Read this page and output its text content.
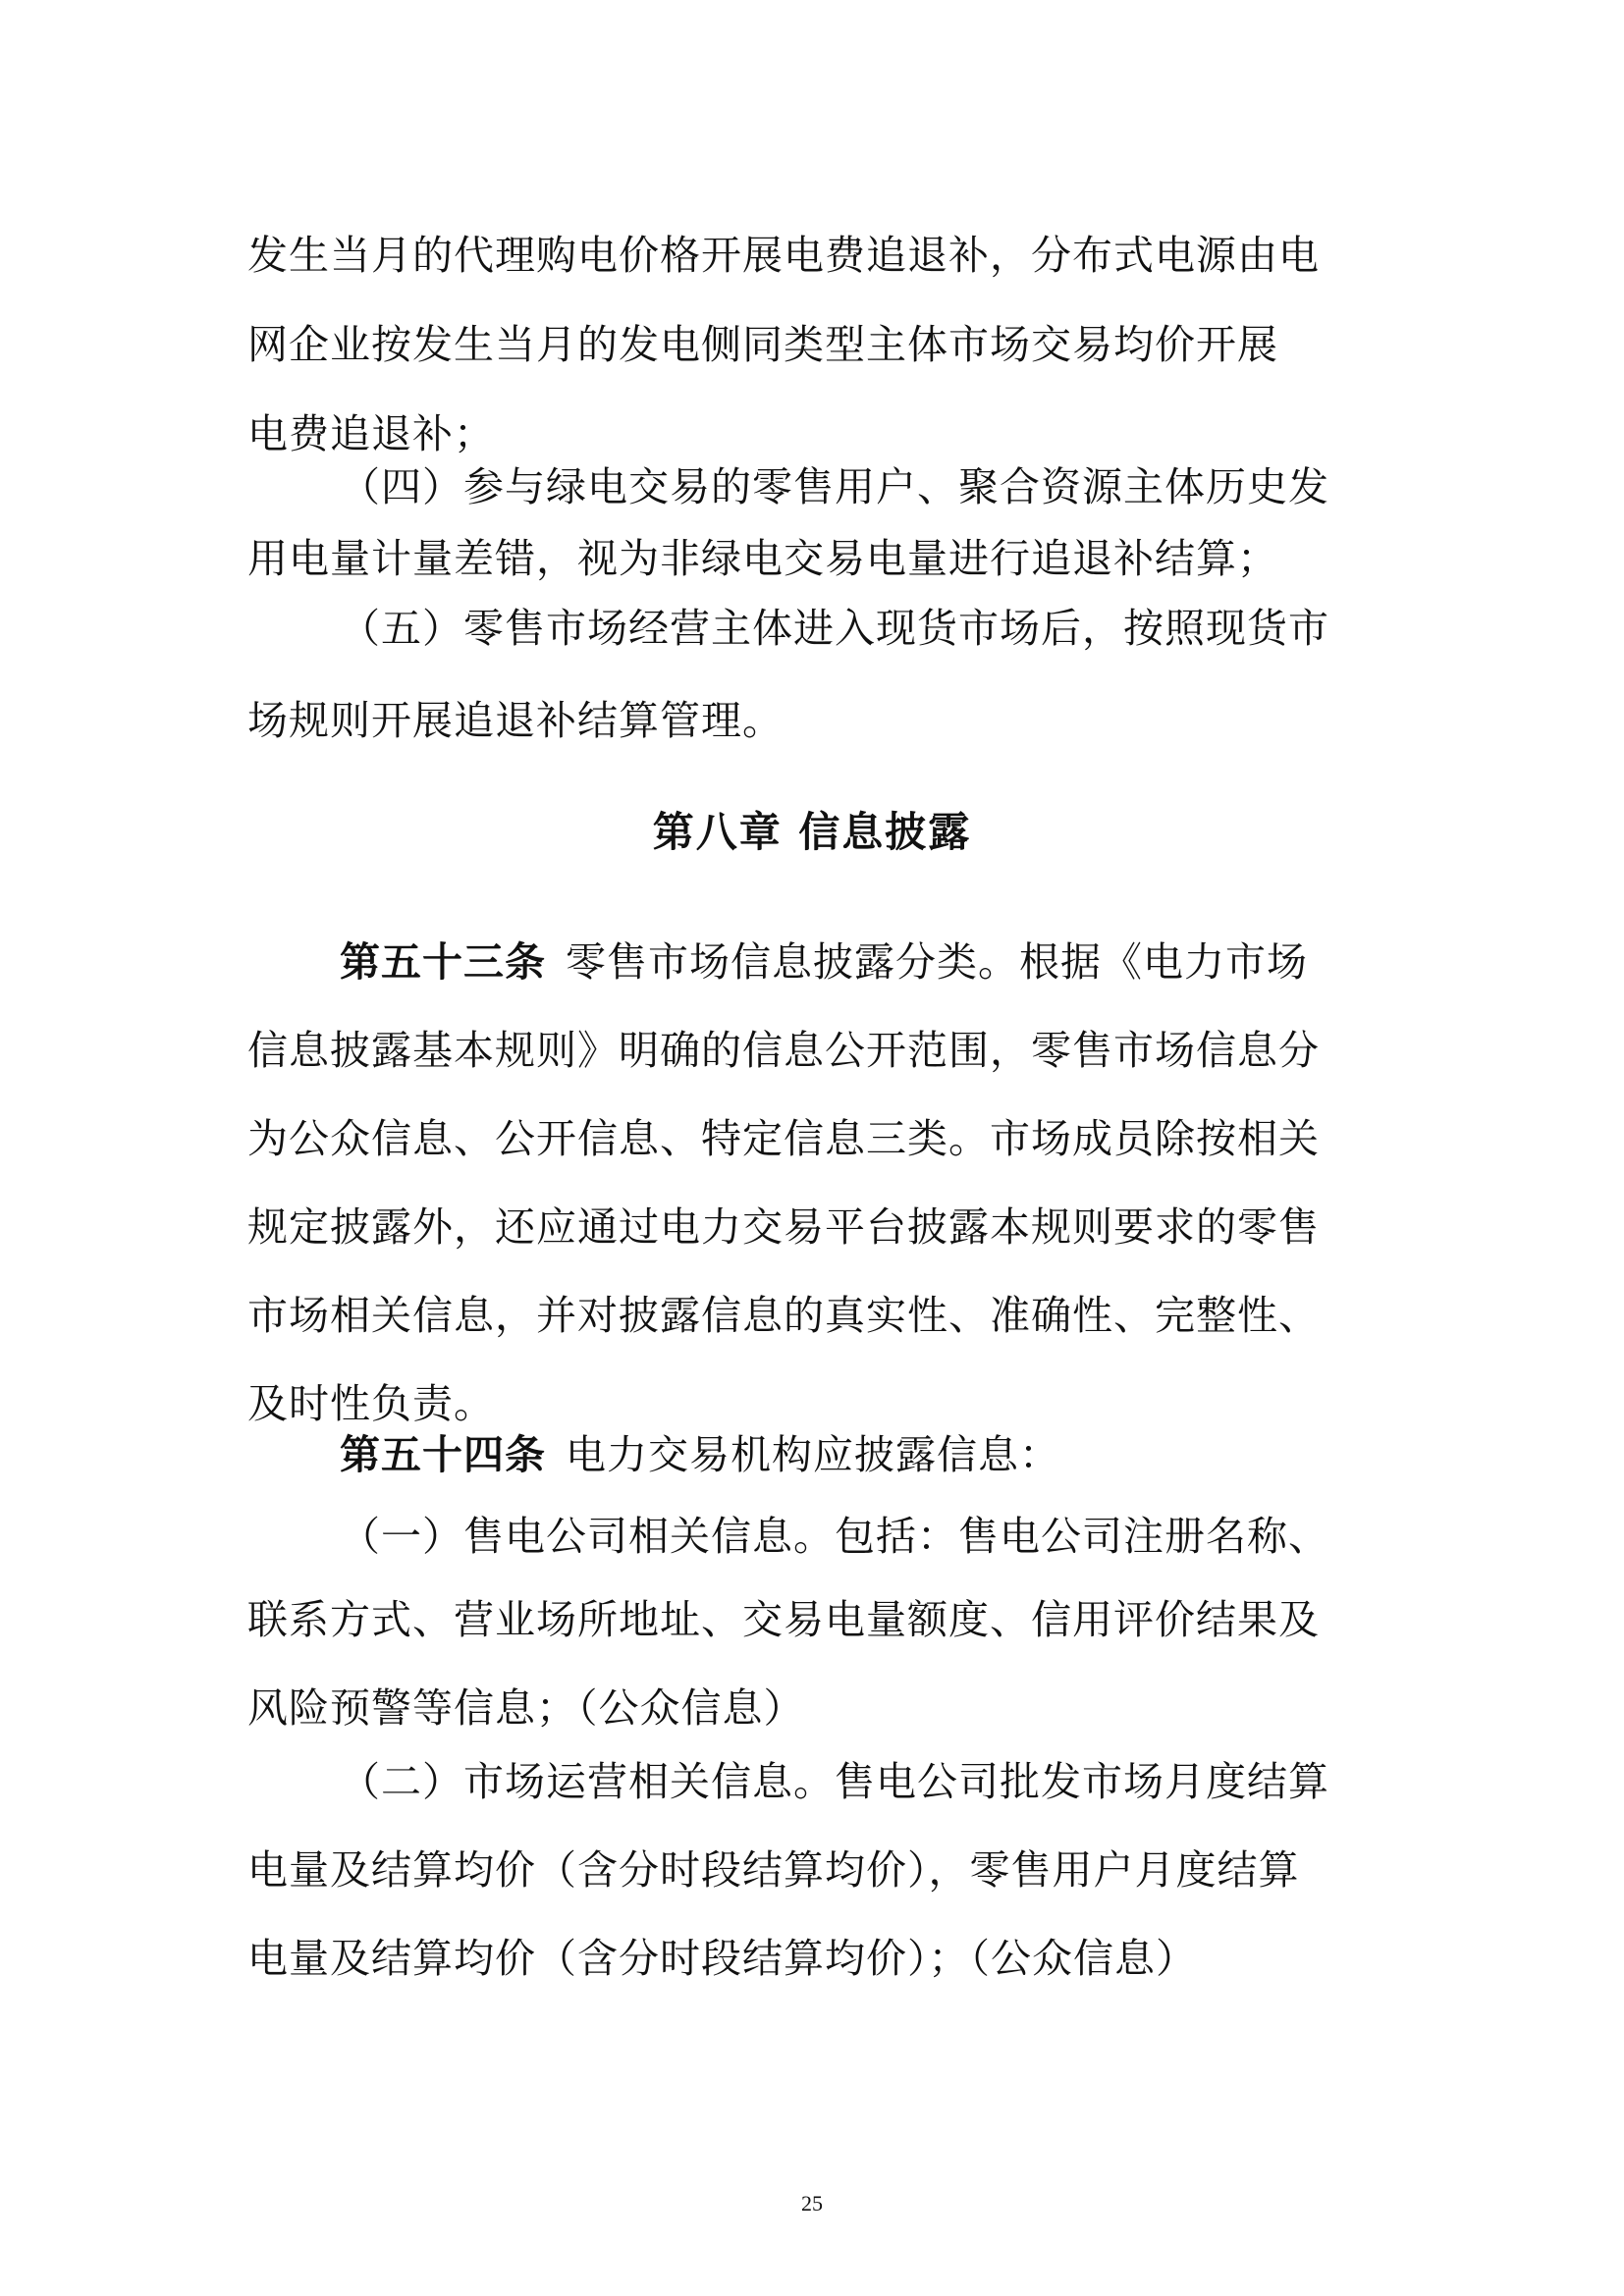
发生当月的代理购电价格开展电费追退补，分布式电源由电
网企业按发生当月的发电侧同类型主体市场交易均价开展
电费追退补；
（四）参与绿电交易的零售用户、聚合资源主体历史发
用电量计量差错，视为非绿电交易电量进行追退补结算；
（五）零售市场经营主体进入现货市场后，按照现货市
场规则开展追退补结算管理。
第八章 信息披露
第五十三条 零售市场信息披露分类。根据《电力市场
信息披露基本规则》明确的信息公开范围，零售市场信息分
为公众信息、公开信息、特定信息三类。市场成员除按相关
规定披露外，还应通过电力交易平台披露本规则要求的零售
市场相关信息，并对披露信息的真实性、准确性、完整性、
及时性负责。
第五十四条 电力交易机构应披露信息：
（一）售电公司相关信息。包括：售电公司注册名称、
联系方式、营业场所地址、交易电量额度、信用评价结果及
风险预警等信息；（公众信息）
（二）市场运营相关信息。售电公司批发市场月度结算
电量及结算均价（含分时段结算均价），零售用户月度结算
电量及结算均价（含分时段结算均价）；（公众信息）
25
